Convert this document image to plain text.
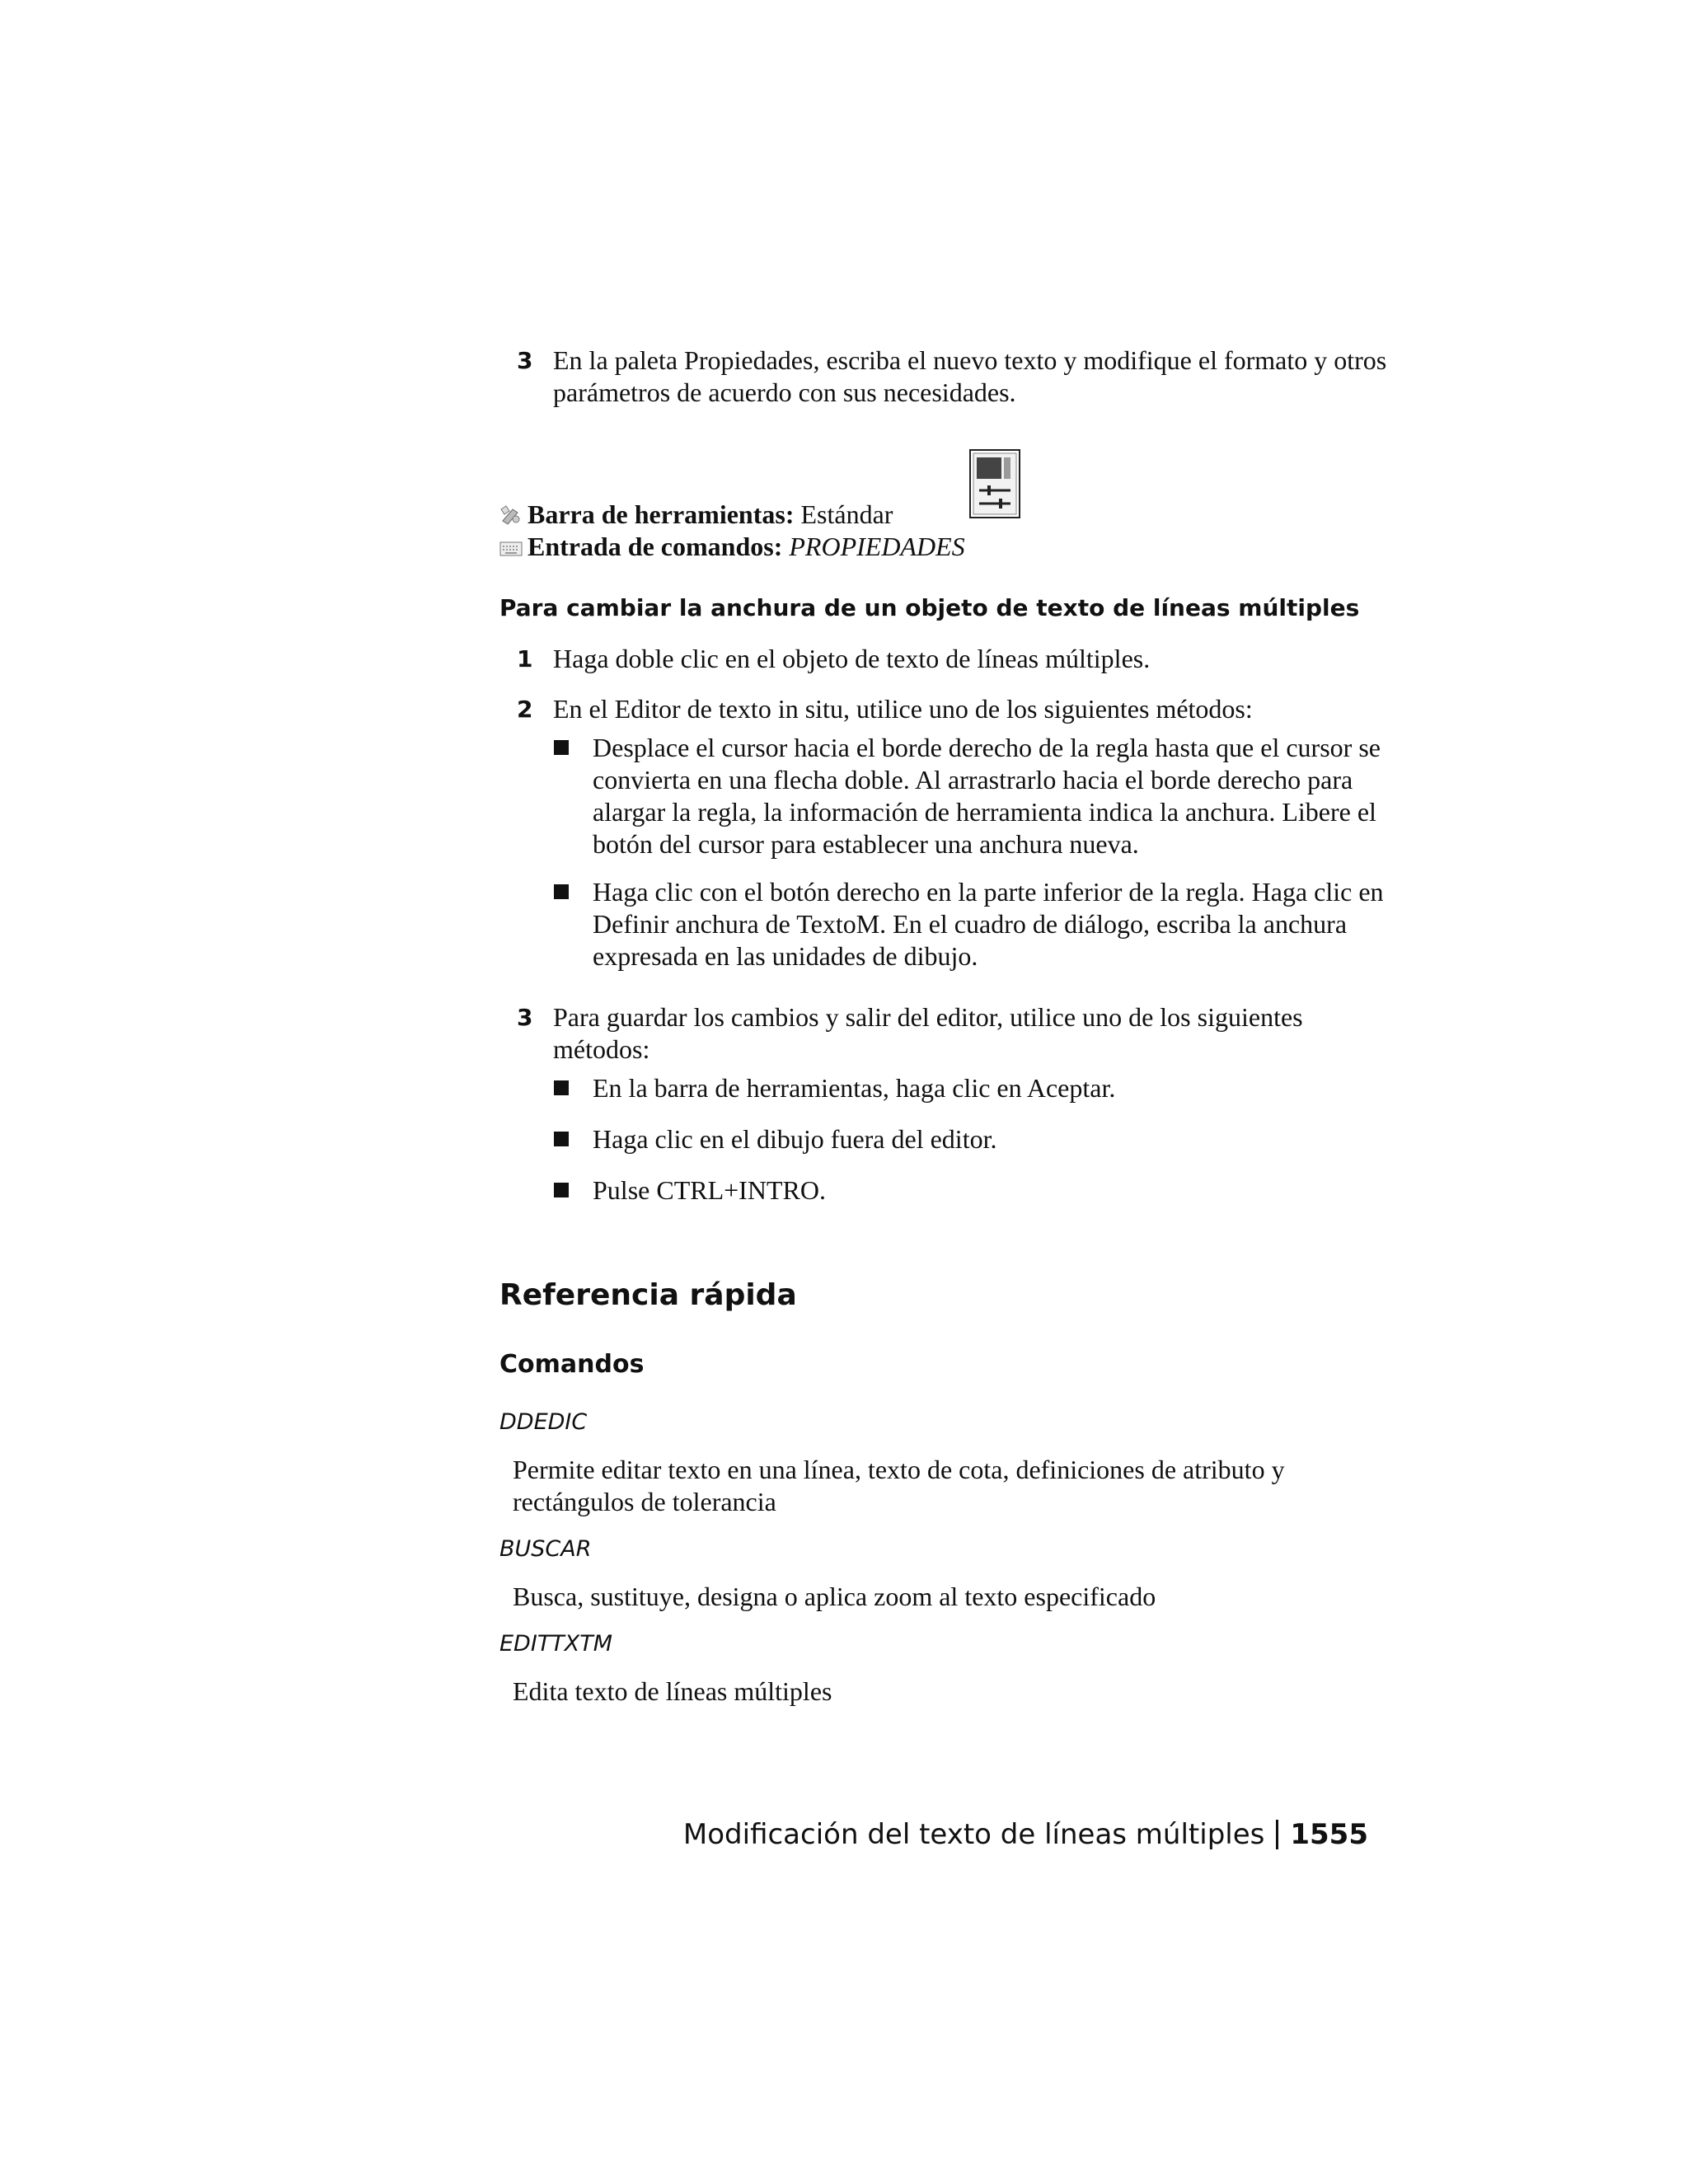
3 En la paleta Propiedades, escriba el nuevo texto y modifique el formato y otros parámetros de acuerdo con sus necesidades.
Barra de herramientas: Estándar
Entrada de comandos: PROPIEDADES
Para cambiar la anchura de un objeto de texto de líneas múltiples
1 Haga doble clic en el objeto de texto de líneas múltiples.
2 En el Editor de texto in situ, utilice uno de los siguientes métodos:
Desplace el cursor hacia el borde derecho de la regla hasta que el cursor se convierta en una flecha doble. Al arrastrarlo hacia el borde derecho para alargar la regla, la información de herramienta indica la anchura. Libere el botón del cursor para establecer una anchura nueva.
Haga clic con el botón derecho en la parte inferior de la regla. Haga clic en Definir anchura de TextoM. En el cuadro de diálogo, escriba la anchura expresada en las unidades de dibujo.
3 Para guardar los cambios y salir del editor, utilice uno de los siguientes métodos:
En la barra de herramientas, haga clic en Aceptar.
Haga clic en el dibujo fuera del editor.
Pulse CTRL+INTRO.
Referencia rápida
Comandos
DDEDIC
Permite editar texto en una línea, texto de cota, definiciones de atributo y rectángulos de tolerancia
BUSCAR
Busca, sustituye, designa o aplica zoom al texto especificado
EDITTXTM
Edita texto de líneas múltiples
Modificación del texto de líneas múltiples 1555
